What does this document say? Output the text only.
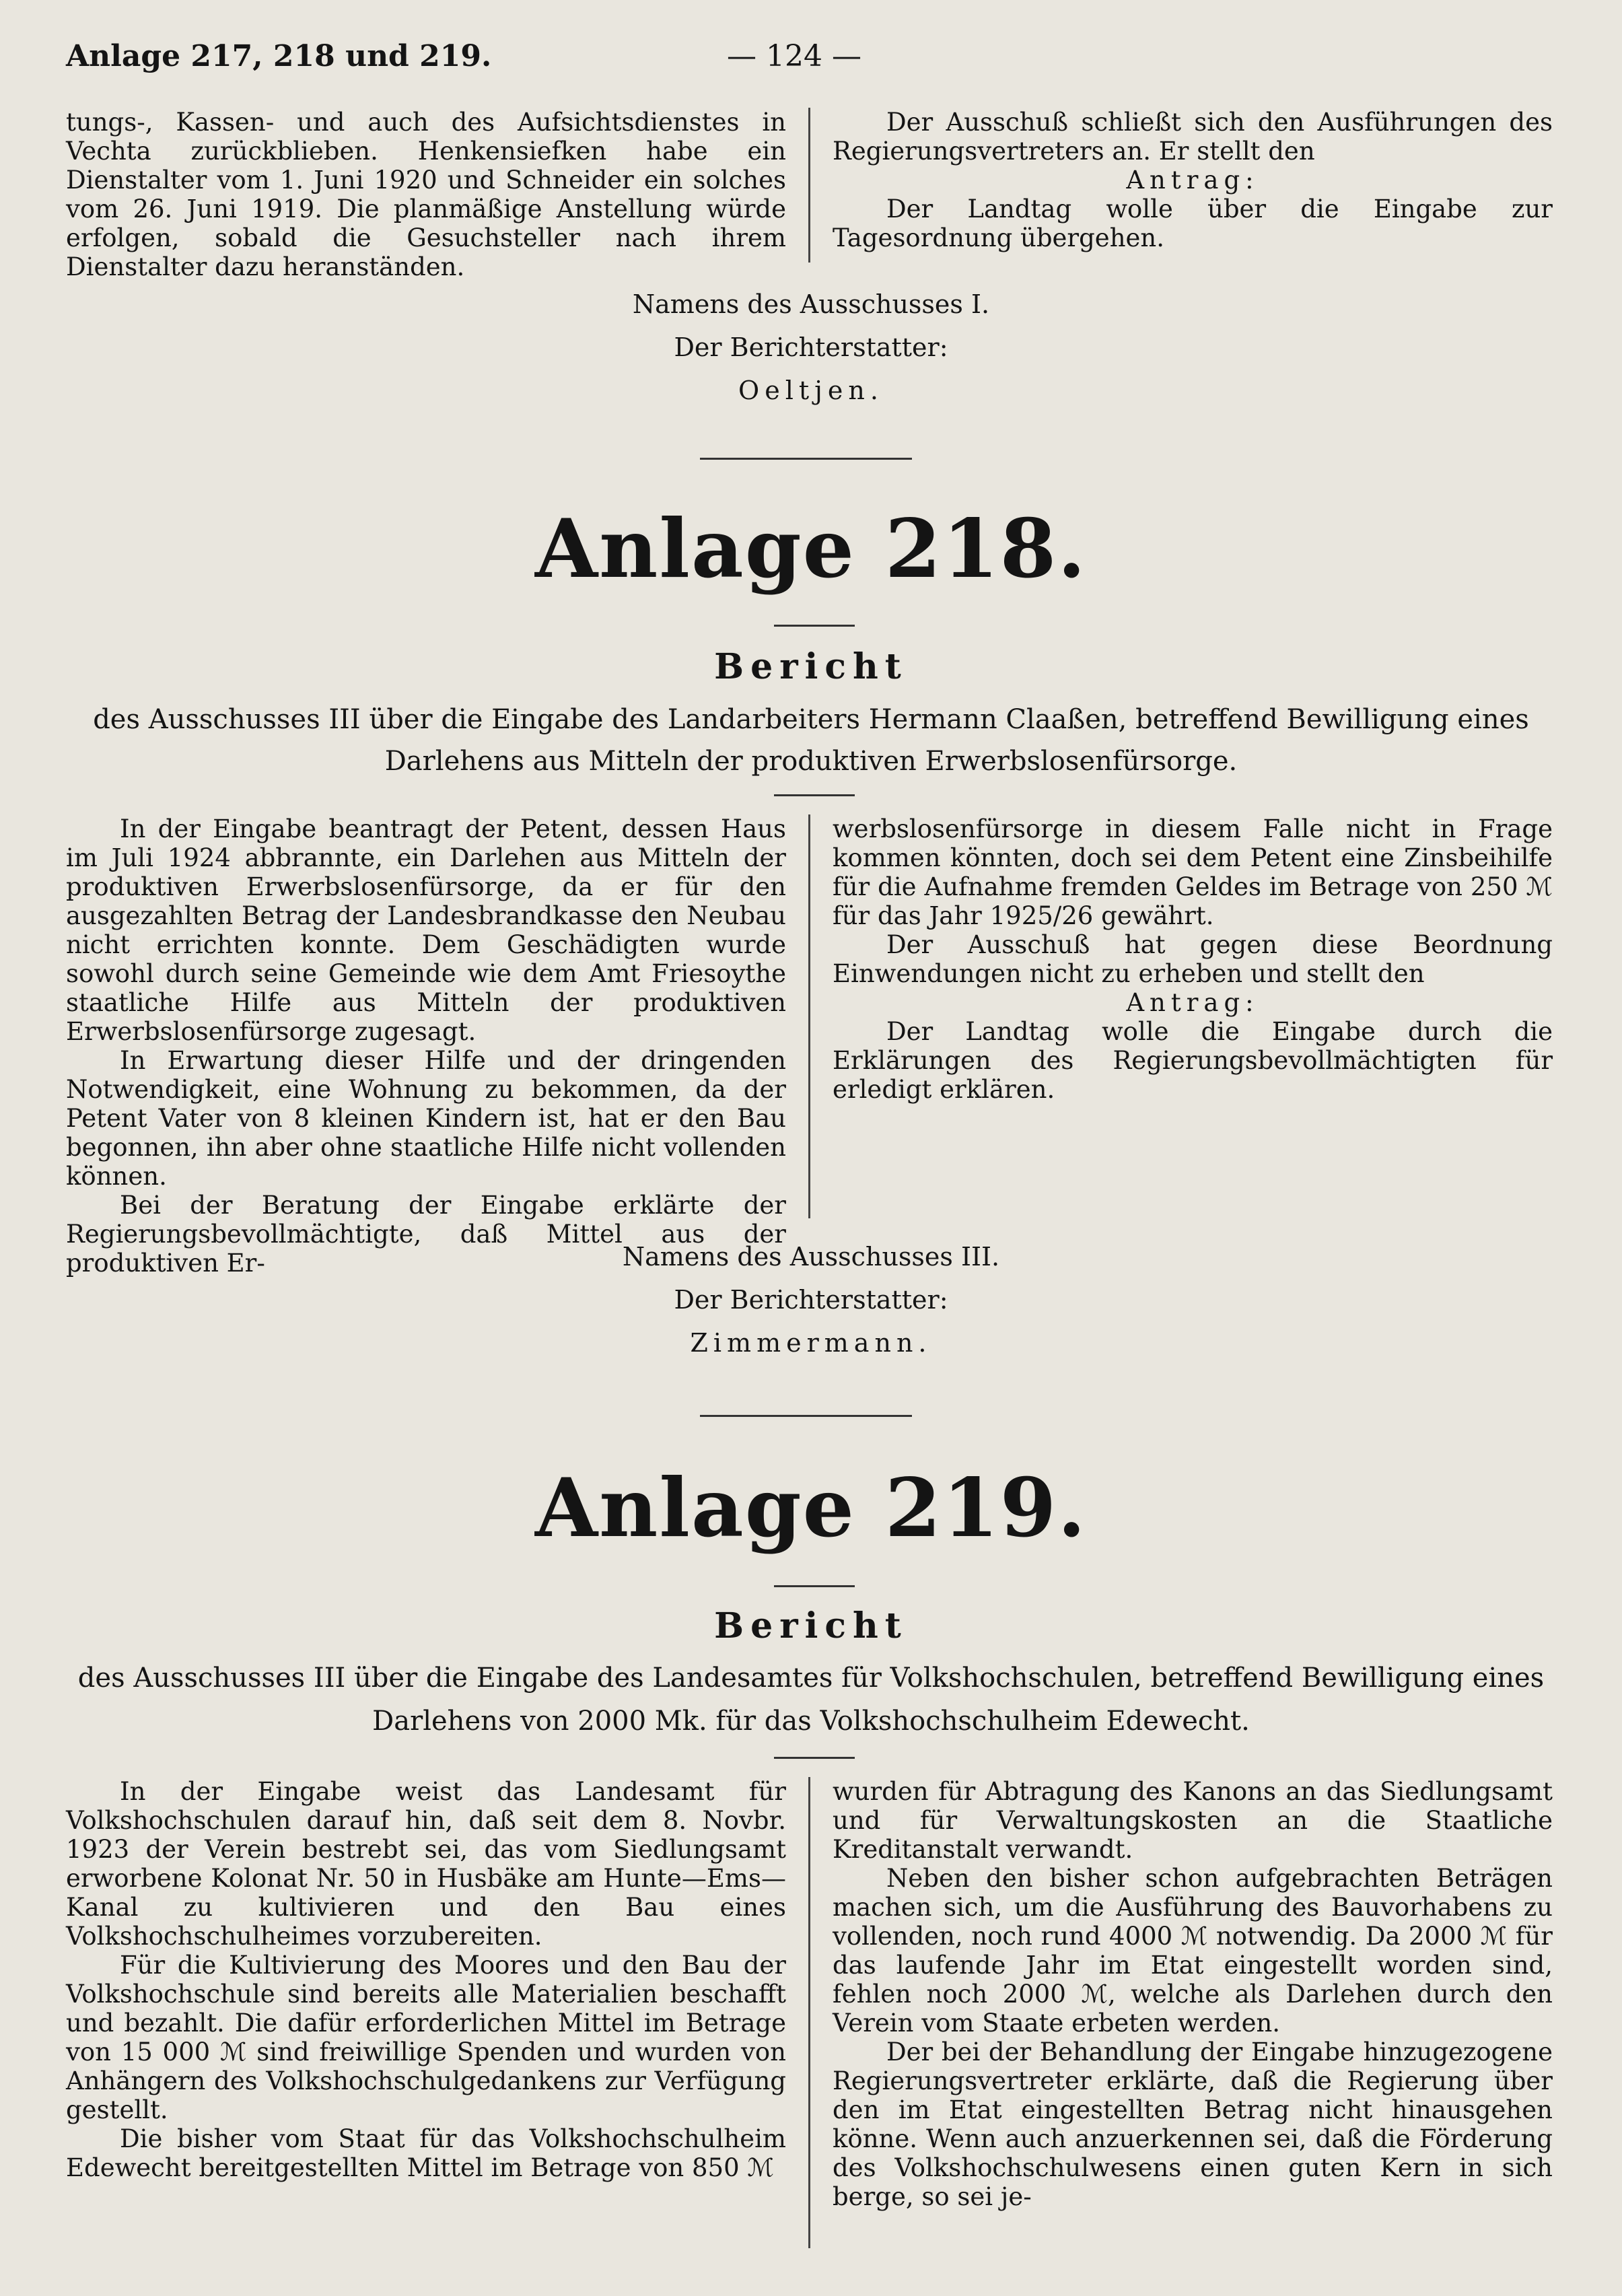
Anlage 217, 218 und 219.	— 124 —

tungs-, Kassen- und auch des Aufsichtsdienstes in Vechta zurückblieben. Henkensiefken habe ein Dienstalter vom 1. Juni 1920 und Schneider ein solches vom 26. Juni 1919. Die planmäßige Anstellung würde erfolgen, sobald die Gesuchsteller nach ihrem Dienstalter dazu heranständen.

Der Ausschuß schließt sich den Ausführungen des Regierungsvertreters an. Er stellt den

Antrag:

Der Landtag wolle über die Eingabe zur Tagesordnung übergehen.

Namens des Ausschusses I.
Der Berichterstatter:
Oeltjen.
Anlage 218.
Bericht
des Ausschusses III über die Eingabe des Landarbeiters Hermann Claaßen, betreffend Bewilligung eines
Darlehens aus Mitteln der produktiven Erwerbslosenfürsorge.

In der Eingabe beantragt der Petent, dessen Haus im Juli 1924 abbrannte, ein Darlehen aus Mitteln der produktiven Erwerbslosenfürsorge, da er für den ausgezahlten Betrag der Landesbrandkasse den Neubau nicht errichten konnte. Dem Geschädigten wurde sowohl durch seine Gemeinde wie dem Amt Friesoythe staatliche Hilfe aus Mitteln der produktiven Erwerbslosenfürsorge zugesagt.

In Erwartung dieser Hilfe und der dringenden Notwendigkeit, eine Wohnung zu bekommen, da der Petent Vater von 8 kleinen Kindern ist, hat er den Bau begonnen, ihn aber ohne staatliche Hilfe nicht vollenden können.

Bei der Beratung der Eingabe erklärte der Regierungsbevollmächtigte, daß Mittel aus der produktiven Er-

werbslosenfürsorge in diesem Falle nicht in Frage kommen könnten, doch sei dem Petent eine Zinsbeihilfe für die Aufnahme fremden Geldes im Betrage von 250 ℳ für das Jahr 1925/26 gewährt.

Der Ausschuß hat gegen diese Beordnung Einwendungen nicht zu erheben und stellt den

Antrag:

Der Landtag wolle die Eingabe durch die Erklärungen des Regierungsbevollmächtigten für erledigt erklären.

Namens des Ausschusses III.
Der Berichterstatter:
Zimmermann.
Anlage 219.
Bericht
des Ausschusses III über die Eingabe des Landesamtes für Volkshochschulen, betreffend Bewilligung eines
Darlehens von 2000 Mk. für das Volkshochschulheim Edewecht.

In der Eingabe weist das Landesamt für Volkshochschulen darauf hin, daß seit dem 8. Novbr. 1923 der Verein bestrebt sei, das vom Siedlungsamt erworbene Kolonat Nr. 50 in Husbäke am Hunte—Ems—Kanal zu kultivieren und den Bau eines Volkshochschulheimes vorzubereiten.

Für die Kultivierung des Moores und den Bau der Volkshochschule sind bereits alle Materialien beschafft und bezahlt. Die dafür erforderlichen Mittel im Betrage von 15 000 ℳ sind freiwillige Spenden und wurden von Anhängern des Volkshochschulgedankens zur Verfügung gestellt.

Die bisher vom Staat für das Volkshochschulheim Edewecht bereitgestellten Mittel im Betrage von 850 ℳ

wurden für Abtragung des Kanons an das Siedlungsamt und für Verwaltungskosten an die Staatliche Kreditanstalt verwandt.

Neben den bisher schon aufgebrachten Beträgen machen sich, um die Ausführung des Bauvorhabens zu vollenden, noch rund 4000 ℳ notwendig. Da 2000 ℳ für das laufende Jahr im Etat eingestellt worden sind, fehlen noch 2000 ℳ, welche als Darlehen durch den Verein vom Staate erbeten werden.

Der bei der Behandlung der Eingabe hinzugezogene Regierungsvertreter erklärte, daß die Regierung über den im Etat eingestellten Betrag nicht hinausgehen könne. Wenn auch anzuerkennen sei, daß die Förderung des Volkshochschulwesens einen guten Kern in sich berge, so sei je-
